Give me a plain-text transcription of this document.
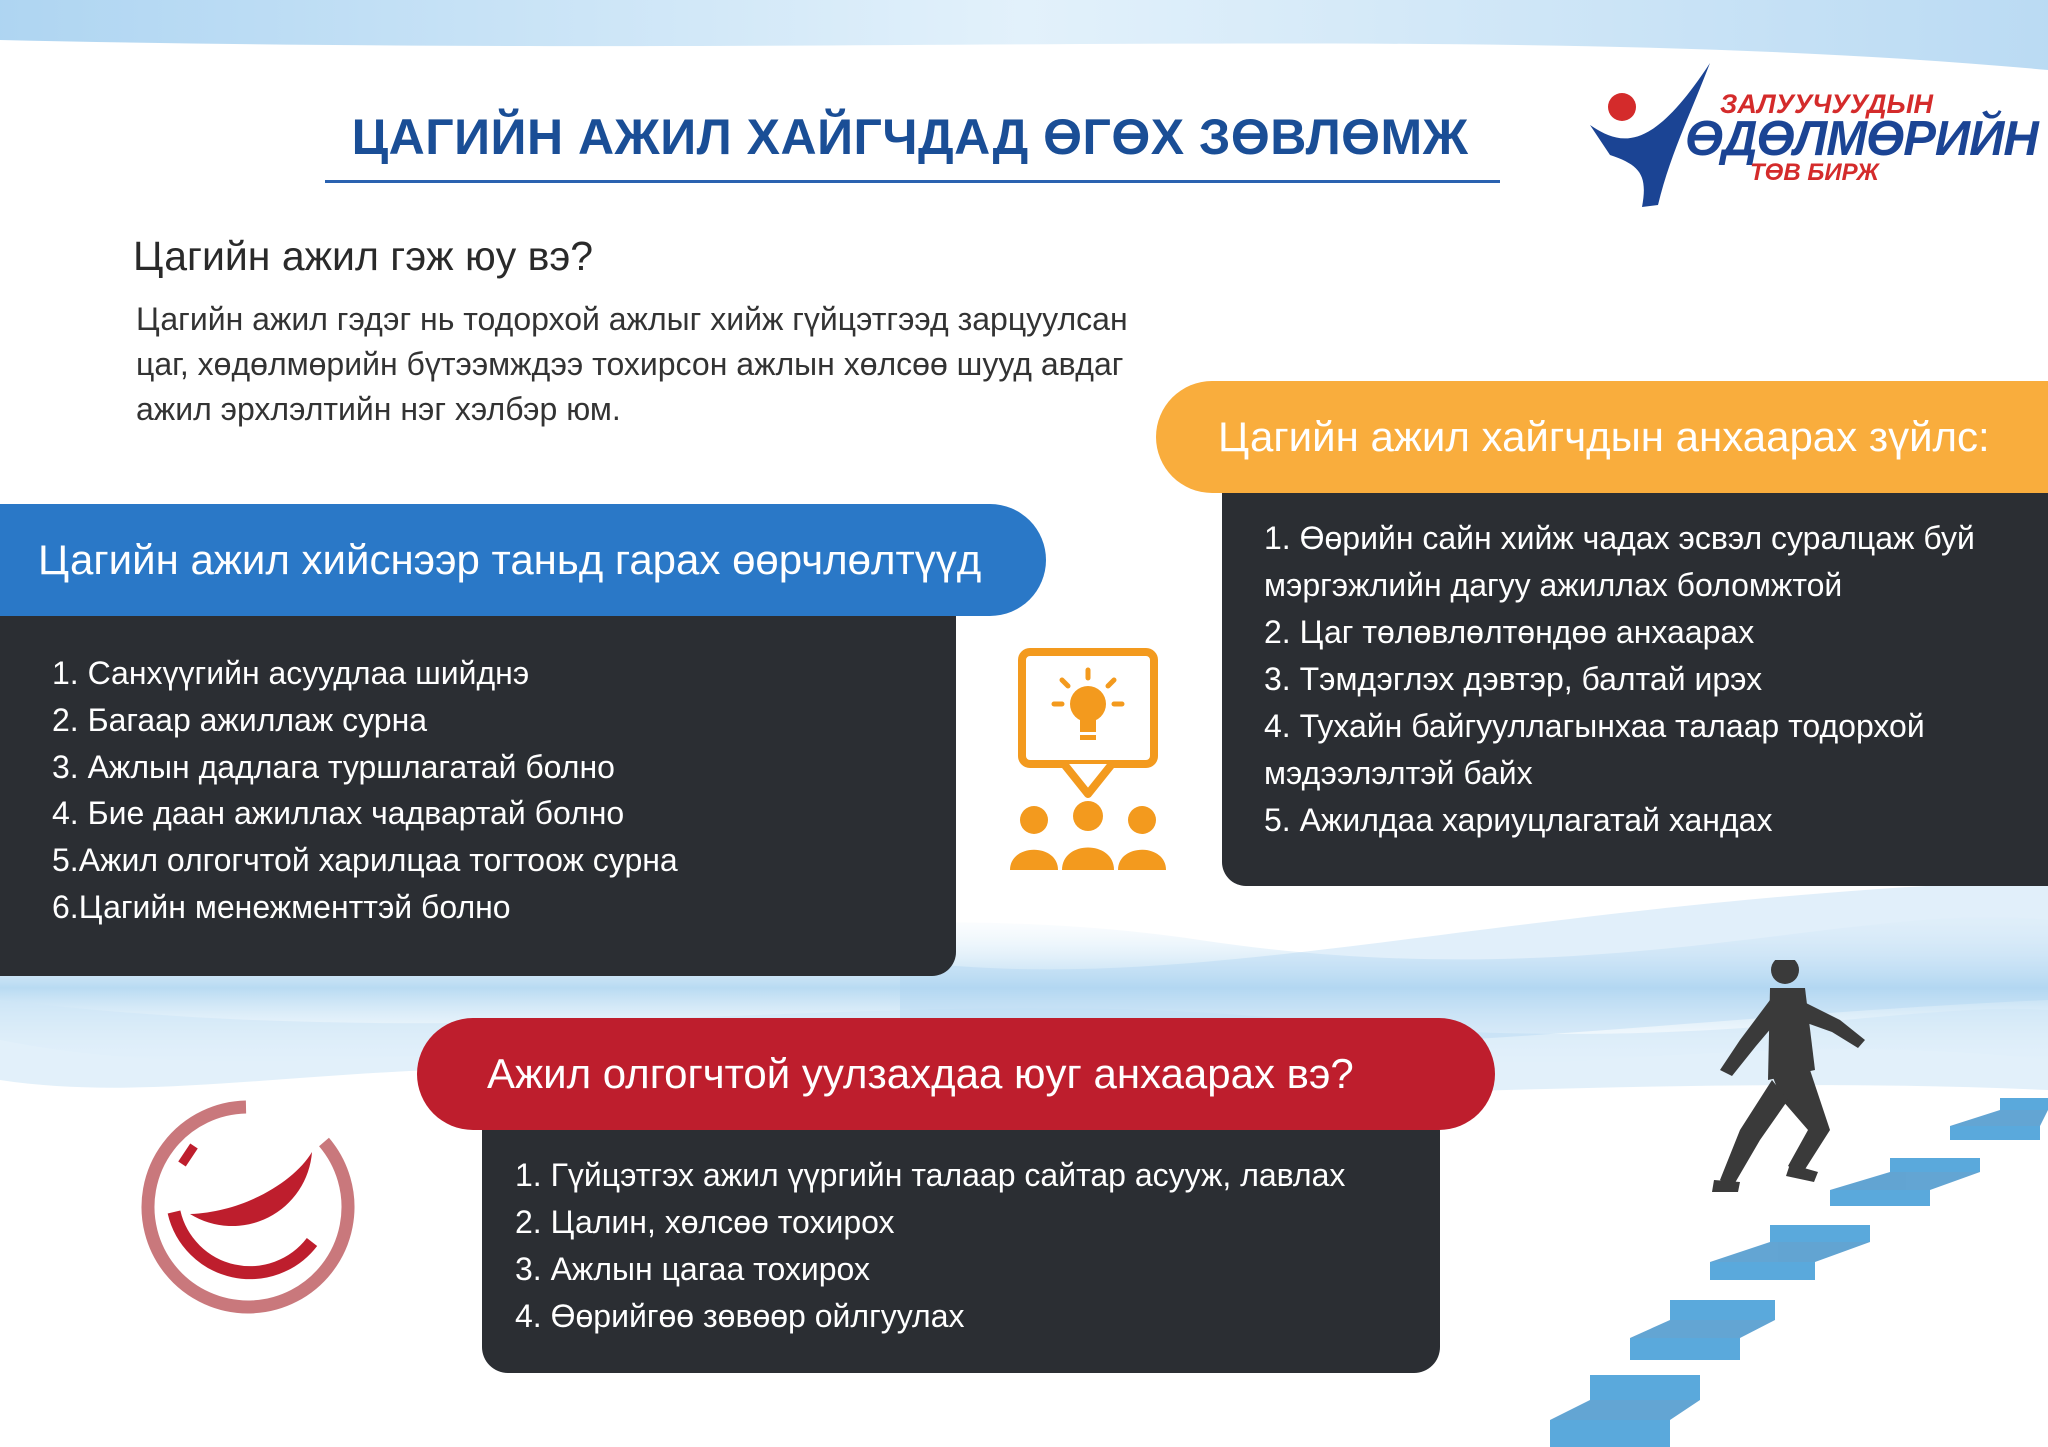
ЦАГИЙН АЖИЛ ХАЙГЧДАД ӨГӨХ ЗӨВЛӨМЖ
ЗАЛУУЧУУДЫН
ӨДӨЛМӨРИЙН
ТӨВ БИРЖ
Цагийн ажил гэж юу вэ?
Цагийн ажил гэдэг нь тодорхой ажлыг хийж гүйцэтгээд зарцуулсан цаг, хөдөлмөрийн бүтээмждээ тохирсон ажлын хөлсөө шууд авдаг ажил эрхлэлтийн нэг хэлбэр юм.
Цагийн ажил хийснээр таньд гарах өөрчлөлтүүд
1. Санхүүгийн асуудлаа шийднэ
2. Багаар ажиллаж сурна
3. Ажлын дадлага туршлагатай болно
4. Бие даан ажиллах чадвартай болно
5.Ажил олгогчтой харилцаа тогтоож сурна
6.Цагийн менежменттэй болно
Цагийн ажил хайгчдын анхаарах зүйлс:
1. Өөрийн сайн хийж чадах эсвэл суралцаж буй мэргэжлийн дагуу ажиллах боломжтой
2. Цаг төлөвлөлтөндөө анхаарах
3. Тэмдэглэх дэвтэр, балтай ирэх
4. Тухайн байгууллагынхаа талаар тодорхой мэдээлэлтэй байх
5. Ажилдаа хариуцлагатай хандах
Ажил олгогчтой уулзахдаа юуг анхаарах вэ?
1. Гүйцэтгэх ажил үүргийн талаар сайтар асууж, лавлах
2. Цалин, хөлсөө тохирох
3. Ажлын цагаа тохирох
4. Өөрийгөө зөвөөр ойлгуулах
